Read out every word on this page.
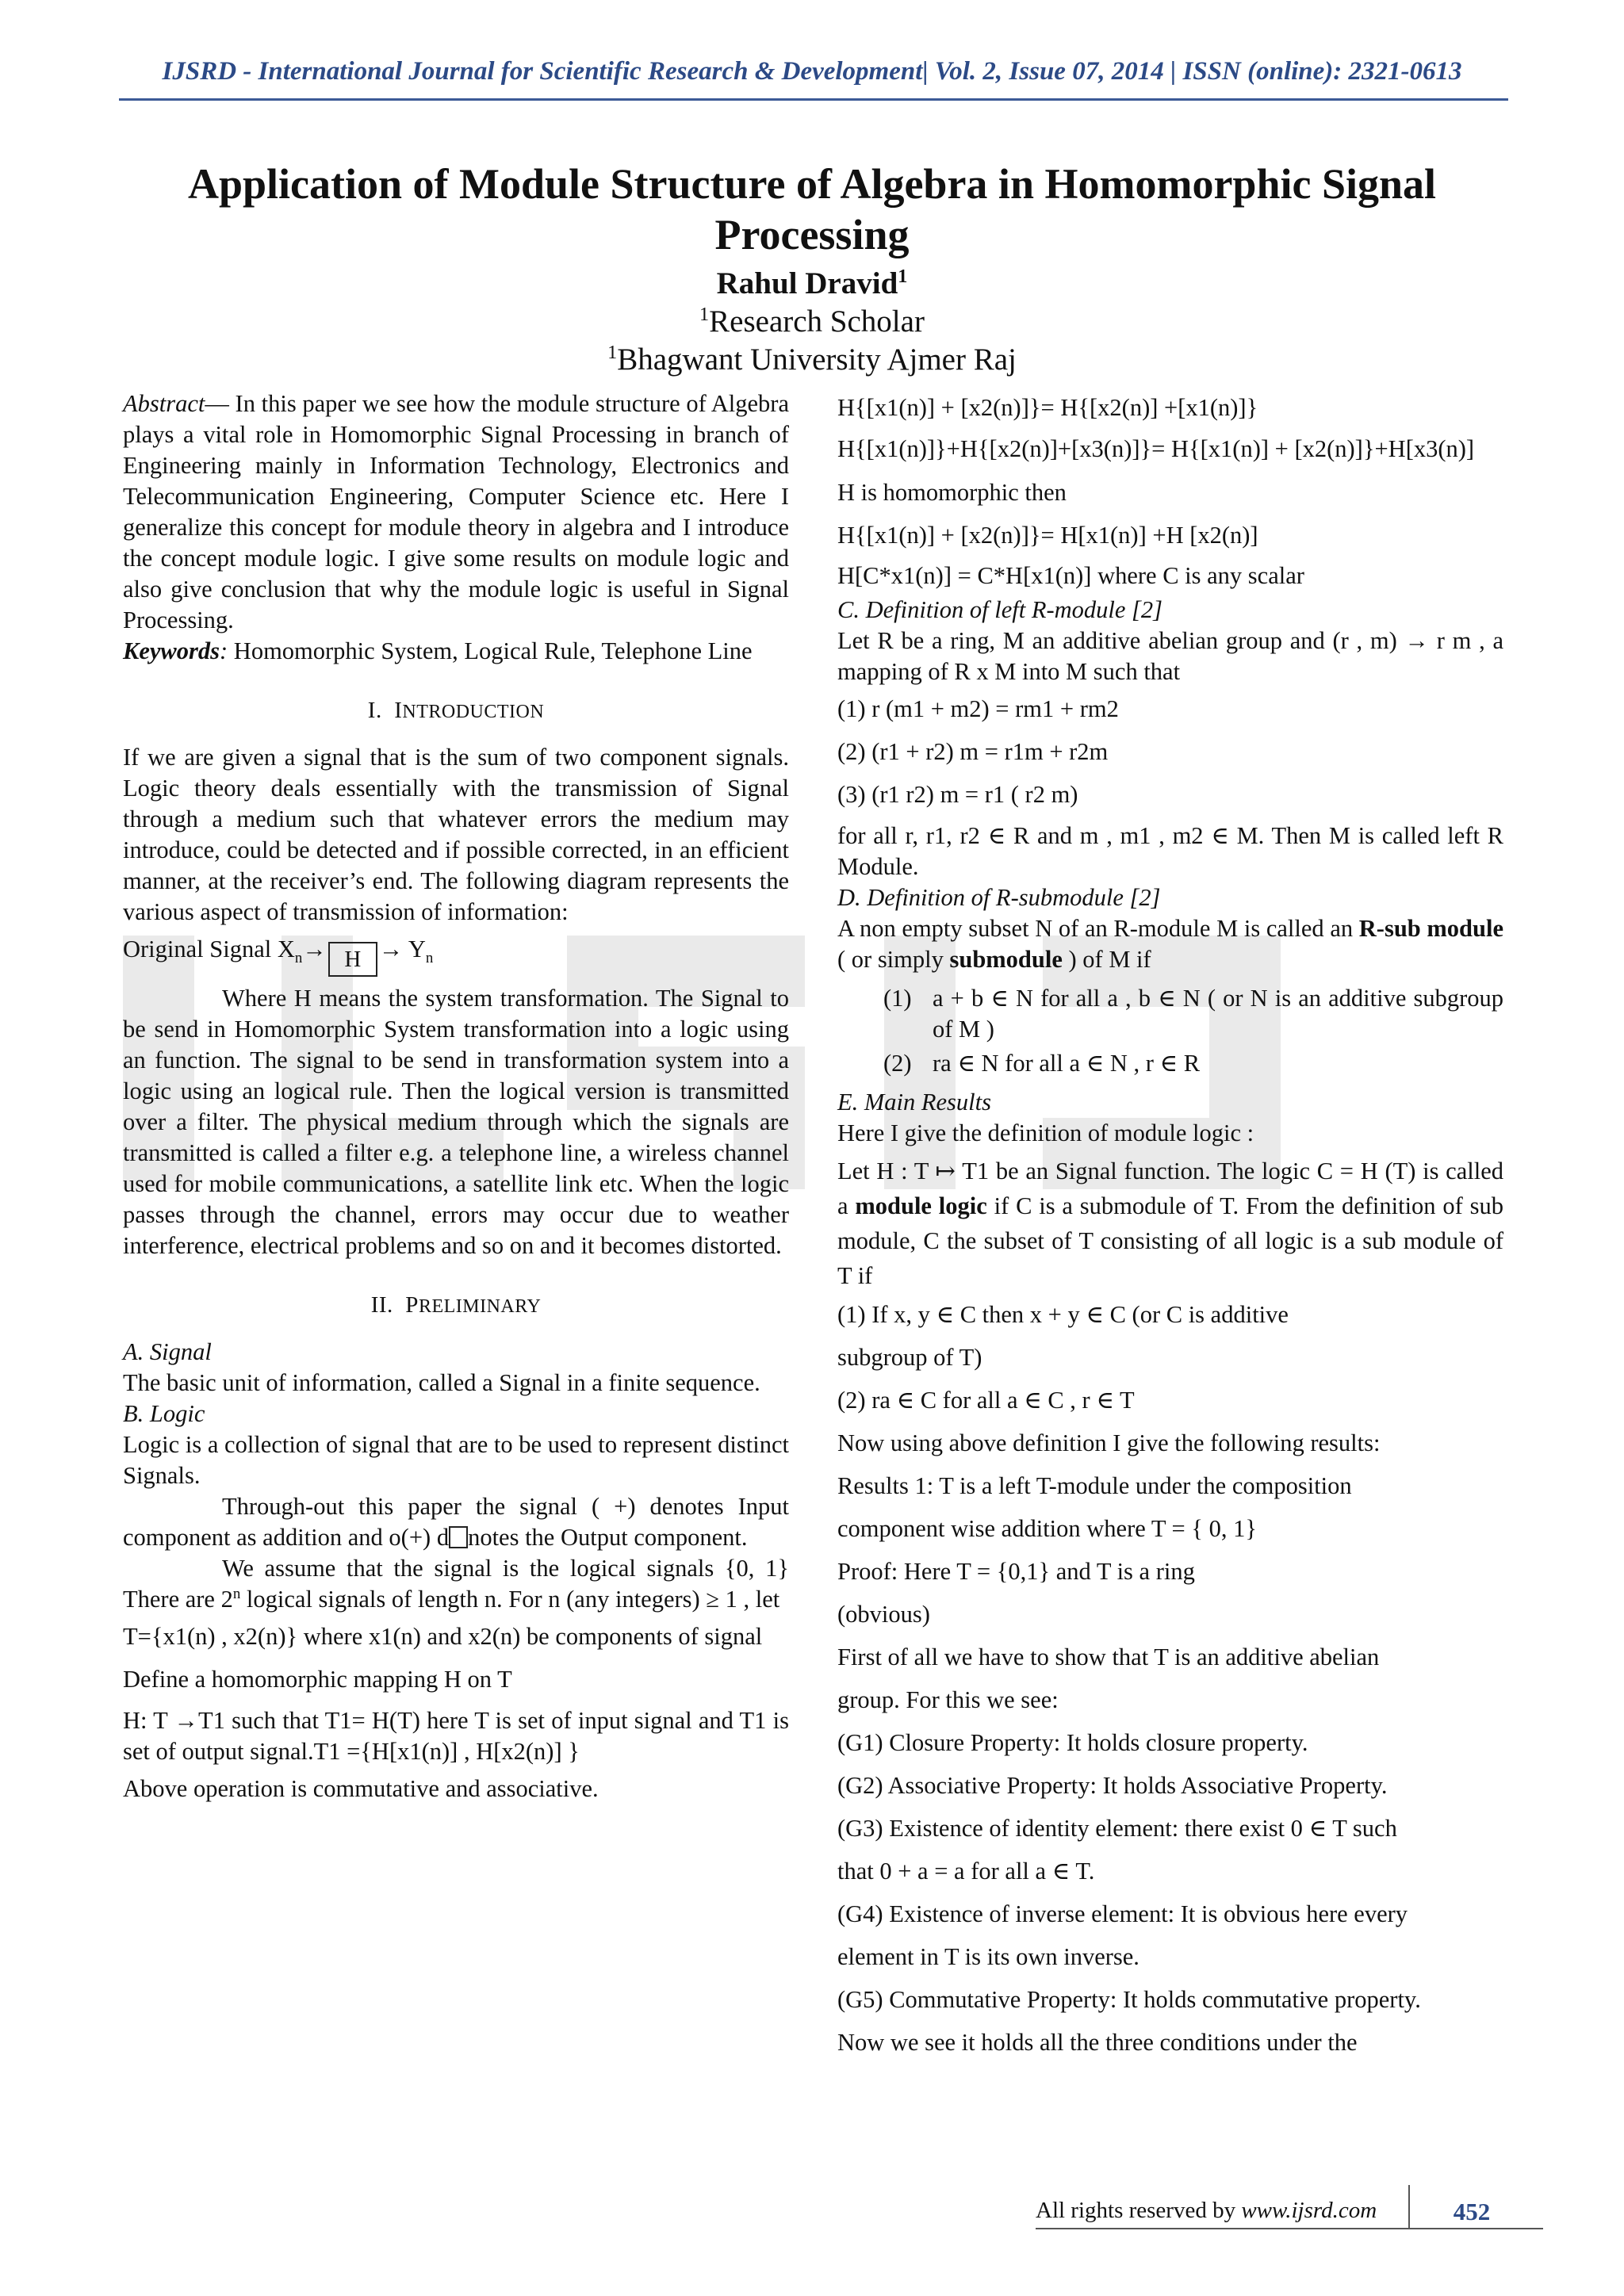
IJSRD - International Journal for Scientific Research & Development| Vol. 2, Issue 07, 2014 | ISSN (online): 2321-0613
Application of Module Structure of Algebra in Homomorphic Signal Processing
Rahul Dravid$^1$
$^1$Research Scholar
$^1$Bhagwant University Ajmer Raj

Abstract— In this paper we see how the module structure of Algebra plays a vital role in Homomorphic Signal Processing in branch of Engineering mainly in Information Technology, Electronics and Telecommunication Engineering, Computer Science etc. Here I generalize this concept for module theory in algebra and I introduce the concept module logic. I give some results on module logic and also give conclusion that why the module logic is useful in Signal Processing.

Keywords: Homomorphic System, Logical Rule, Telephone Line

I. INTRODUCTION

If we are given a signal that is the sum of two component signals. Logic theory deals essentially with the transmission of Signal through a medium such that whatever errors the medium may introduce, could be detected and if possible corrected, in an efficient manner, at the receiver’s end. The following diagram represents the various aspect of transmission of information:

Original Signal $X_n\to H \to Y_n$

Where H means the system transformation. The Signal to be send in Homomorphic System transformation into a logic using an function. The signal to be send in transformation system into a logic using an logical rule. Then the logical version is transmitted over a filter. The physical medium through which the signals are transmitted is called a filter e.g. a telephone line, a wireless channel used for mobile communications, a satellite link etc. When the logic passes through the channel, errors may occur due to weather interference, electrical problems and so on and it becomes distorted.

II. PRELIMINARY

A. Signal

The basic unit of information, called a Signal in a finite sequence.

B. Logic

Logic is a collection of signal that are to be used to represent distinct Signals.

Through-out this paper the signal ( +) denotes Input component as addition and o(+) d notes the Output component.

We assume that the signal is the logical signals {0, 1} There are 2$^n$ logical signals of length n. For n (any integers) ≥ 1 , let

T={x1(n) , x2(n)} where x1(n) and x2(n) be components of signal

Define a homomorphic mapping H on T

H: T →T1 such that T1= H(T) here T is set of input signal and T1 is set of output signal.T1 ={H[x1(n)] , H[x2(n)] }

Above operation is commutative and associative.

H{[x1(n)] + [x2(n)]}= H{[x2(n)] +[x1(n)]}

H{[x1(n)]}+H{[x2(n)]+[x3(n)]}= H{[x1(n)] + [x2(n)]}+H[x3(n)]

H is homomorphic then

H{[x1(n)] + [x2(n)]}= H[x1(n)] +H [x2(n)]

H[C*x1(n)] = C*H[x1(n)] where C is any scalar

C. Definition of left R-module [2]

Let R be a ring, M an additive abelian group and (r , m) → r m , a mapping of R x M into M such that

(1) r (m1 + m2) = rm1 + rm2

(2) (r1 + r2) m = r1m + r2m

(3) (r1 r2) m = r1 ( r2 m)

for all r, r1, r2 ∈ R and m , m1 , m2 ∈ M. Then M is called left R Module.

D. Definition of R-submodule [2]

A non empty subset N of an R-module M is called an R-sub module ( or simply submodule ) of M if

(1) a + b ∈ N for all a , b ∈ N ( or N is an additive subgroup of M )
(2) ra ∈ N for all a ∈ N , r ∈ R

E. Main Results

Here I give the definition of module logic :

Let H : T ↦ T1 be an Signal function. The logic C = H (T) is called a module logic if C is a submodule of T. From the definition of sub module, C the subset of T consisting of all logic is a sub module of T if

(1) If x, y ∈ C then x + y ∈ C (or C is additive

subgroup of T)

(2) ra ∈ C for all a ∈ C , r ∈ T

Now using above definition I give the following results:

Results 1: T is a left T-module under the composition

component wise addition where T = { 0, 1}

Proof: Here T = {0,1} and T is a ring

(obvious)

First of all we have to show that T is an additive abelian

group. For this we see:

(G1) Closure Property: It holds closure property.

(G2) Associative Property: It holds Associative Property.

(G3) Existence of identity element: there exist 0 ∈ T such

that 0 + a = a for all a ∈ T.

(G4) Existence of inverse element: It is obvious here every

element in T is its own inverse.

(G5) Commutative Property: It holds commutative property.

Now we see it holds all the three conditions under the

All rights reserved by www.ijsrd.com	452
